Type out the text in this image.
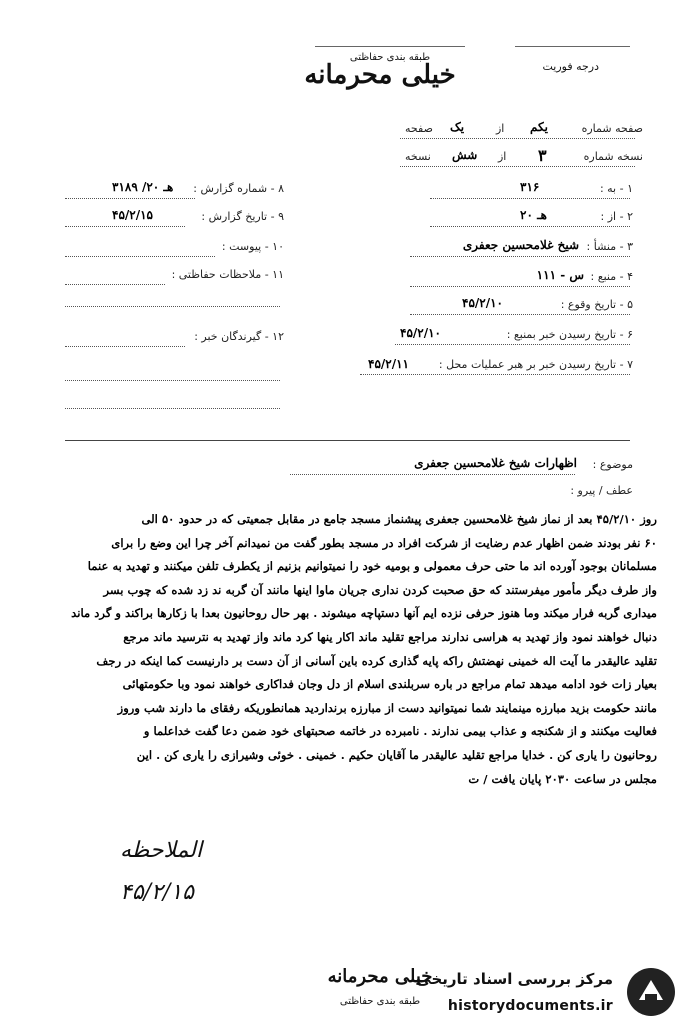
طبقه بندی حفاظتی
خیلی محرمانه	درجه فوریت
صفحه شماره
یکم
از
یک
صفحه
نسخه شماره
۳
از
شش
نسخه
۱ - به :
۳۱۶
۲ - از :
۲۰ هـ
۳ - منشأ :
شیخ غلامحسین جعفری
۴ - منبع :
س - ۱۱۱
۵ - تاریخ وقوع :
۴۵/۲/۱۰
۶ - تاریخ رسیدن خبر بمنبع :
۴۵/۲/۱۰
۷ - تاریخ رسیدن خبر بر هبر عملیات محل :
۴۵/۲/۱۱
۸ - شماره گزارش :
۳۱۸۹ /۲۰ هـ
۹ - تاریخ گزارش :
۴۵/۲/۱۵
۱۰ - پیوست :
۱۱ - ملاحظات حفاظتی :
۱۲ - گیرندگان خبر :
موضوع :
اظهارات شیخ غلامحسین جعفری
عطف / پیرو :
روز ۴۵/۲/۱۰ بعد از نماز شیخ غلامحسین جعفری پیشنماز مسجد جامع در مقابل جمعیتی که در حدود ۵۰ الی
۶۰ نفر بودند ضمن اظهار عدم رضایت از شرکت افراد در مسجد بطور گفت من نمیدانم آخر چرا این وضع را برای
مسلمانان بوجود آورده اند ما حتی حرف معمولی و بومیه خود را نمیتوانیم بزنیم از یکطرف تلفن میکنند و تهدید به عنما
واز طرف دیگر مأمور میفرستند که حق صحبت کردن نداری جریان ماوا اینها مانند آن گربه ند زد شده که چوب بسر
میداری گربه فرار میکند وما هنوز حرفی نزده ایم آنها دستپاچه میشوند . بهر حال روحانیون بعدا با زکارها براکند و گرد ماند
دنبال خواهند نمود واز تهدید به هراسی ندارند مراجع تقلید ماند اکار ینها کرد ماند واز تهدید به نترسید ماند مرجع
تقلید عالیقدر ما آیت اله خمینی نهضتش راکه پایه گذاری کرده باین آسانی از آن دست بر دارنیست کما اینکه در رجف
بعیار زات خود ادامه میدهد تمام مراجع در باره سربلندی اسلام از دل وجان فداکاری خواهند نمود وبا حکومتهائی
مانند حکومت بزید مبارزه مینمایند شما نمیتوانید دست از مبارزه برنداردید همانطوریکه رفقای ما دارند شب وروز
فعالیت میکنند و از شکنجه و عذاب بیمی ندارند . نامبرده در خاتمه صحبتهای خود ضمن دعا گفت خداعلما و
روحانیون را یاری کن . خدایا مراجع تقلید عالیقدر ما آقایان حکیم . خمینی . خوئی وشیرازی را یاری کن . این
مجلس در ساعت ۲۰۳۰ پایان یافت / ت
الملاحظه
۴۵/۲/۱۵
خیلی محرمانه
طبقه بندی حفاظتی
مرکز بررسی اسناد تاریخی
historydocuments.ir
